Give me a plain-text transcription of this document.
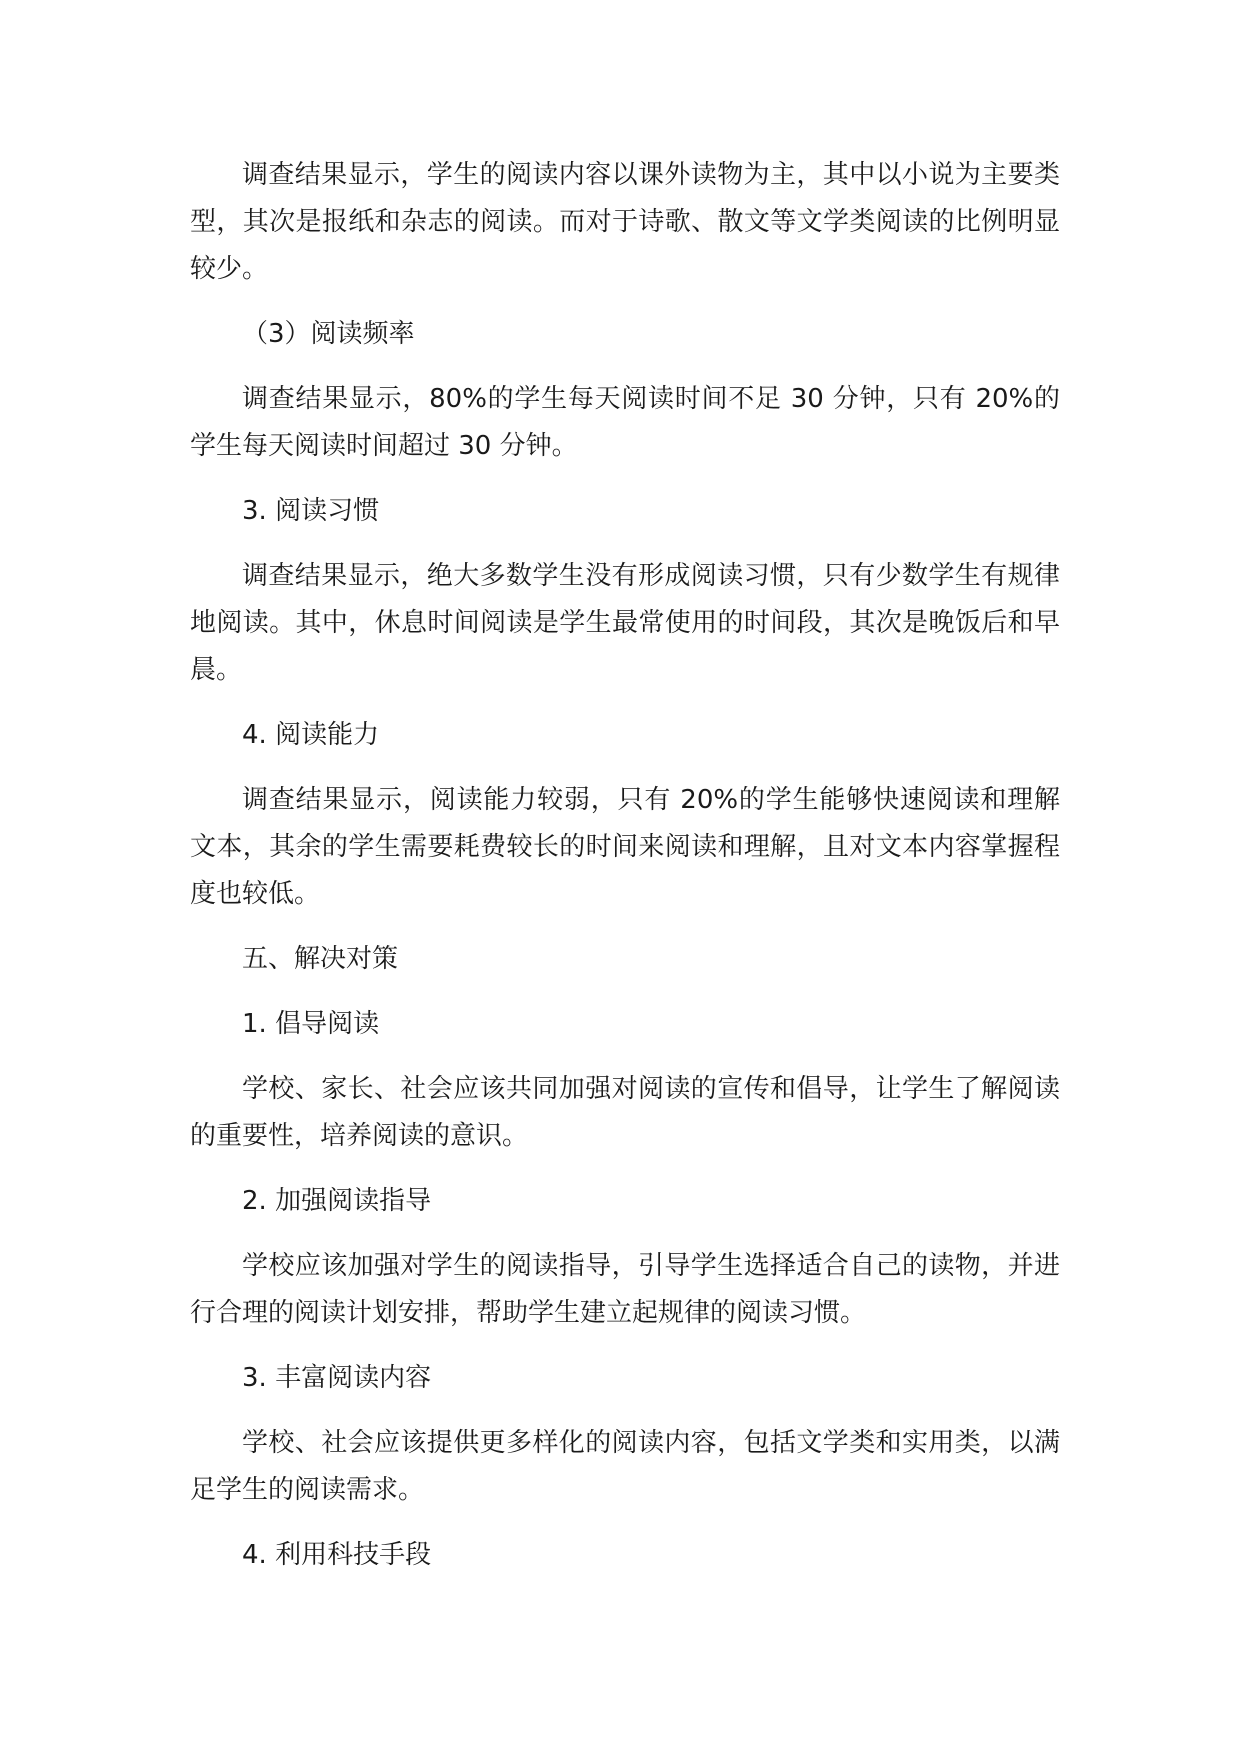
调查结果显示，学生的阅读内容以课外读物为主，其中以小说为主要类型，其次是报纸和杂志的阅读。而对于诗歌、散文等文学类阅读的比例明显较少。

（3）阅读频率

调查结果显示，80%的学生每天阅读时间不足 30 分钟，只有 20%的学生每天阅读时间超过 30 分钟。

3. 阅读习惯

调查结果显示，绝大多数学生没有形成阅读习惯，只有少数学生有规律地阅读。其中，休息时间阅读是学生最常使用的时间段，其次是晚饭后和早晨。

4. 阅读能力

调查结果显示，阅读能力较弱，只有 20%的学生能够快速阅读和理解文本，其余的学生需要耗费较长的时间来阅读和理解，且对文本内容掌握程度也较低。

五、解决对策

1. 倡导阅读

学校、家长、社会应该共同加强对阅读的宣传和倡导，让学生了解阅读的重要性，培养阅读的意识。

2. 加强阅读指导

学校应该加强对学生的阅读指导，引导学生选择适合自己的读物，并进行合理的阅读计划安排，帮助学生建立起规律的阅读习惯。

3. 丰富阅读内容

学校、社会应该提供更多样化的阅读内容，包括文学类和实用类，以满足学生的阅读需求。

4. 利用科技手段
